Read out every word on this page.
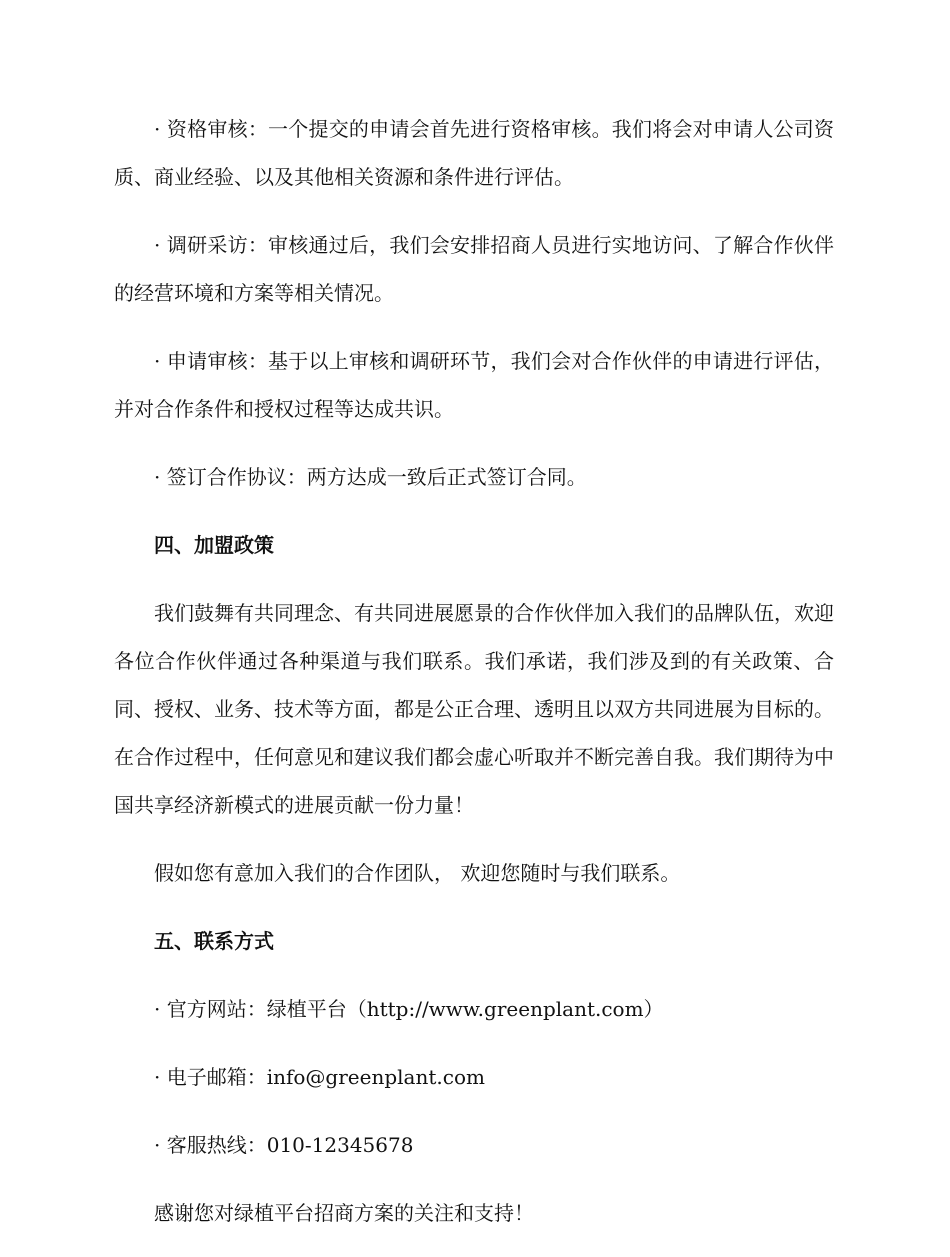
· 资格审核：一个提交的申请会首先进行资格审核。我们将会对申请人公司资质、商业经验、以及其他相关资源和条件进行评估。

· 调研采访：审核通过后，我们会安排招商人员进行实地访问、了解合作伙伴的经营环境和方案等相关情况。

· 申请审核：基于以上审核和调研环节，我们会对合作伙伴的申请进行评估，并对合作条件和授权过程等达成共识。

· 签订合作协议：两方达成一致后正式签订合同。

四、加盟政策

我们鼓舞有共同理念、有共同进展愿景的合作伙伴加入我们的品牌队伍，欢迎各位合作伙伴通过各种渠道与我们联系。我们承诺，我们涉及到的有关政策、合同、授权、业务、技术等方面，都是公正合理、透明且以双方共同进展为目标的。在合作过程中，任何意见和建议我们都会虚心听取并不断完善自我。我们期待为中国共享经济新模式的进展贡献一份力量！

假如您有意加入我们的合作团队， 欢迎您随时与我们联系。

五、联系方式

· 官方网站：绿植平台（http://www.greenplant.com）

· 电子邮箱：info@greenplant.com

· 客服热线：010-12345678

感谢您对绿植平台招商方案的关注和支持！
